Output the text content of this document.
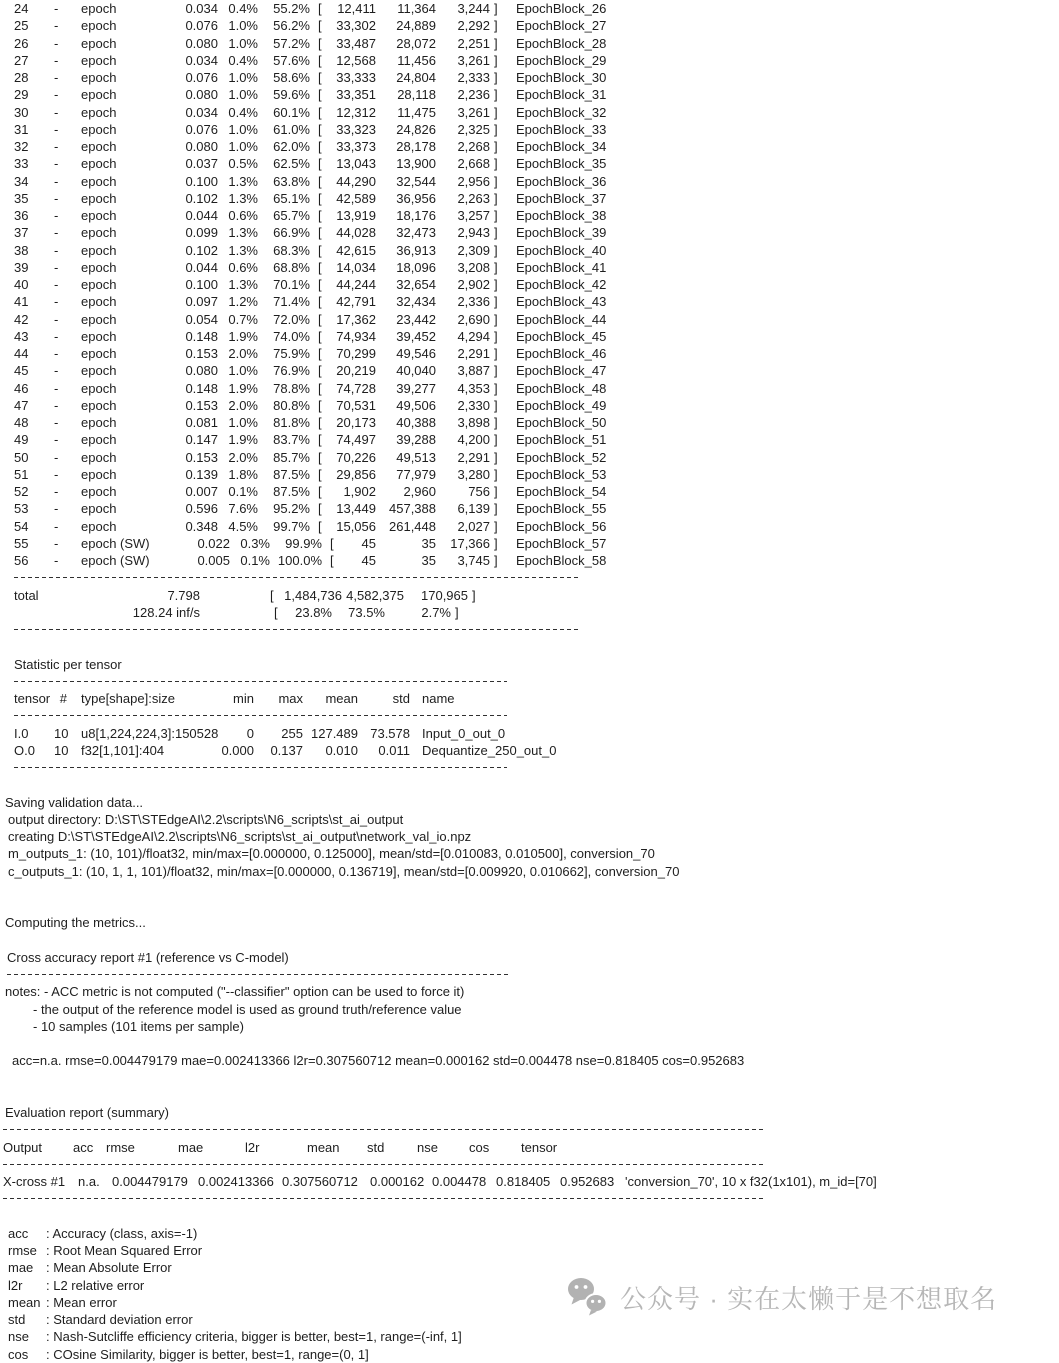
24	-	epoch	0.034 0.4%	55.2% [	12,411	11,364	3,244 ]	EpochBlock_26
25	-	epoch	0.076 1.0%	56.2% [	33,302	24,889	2,292 ]	EpochBlock_27
26	-	epoch	0.080 1.0%	57.2% [	33,487	28,072	2,251 ]	EpochBlock_28
27	-	epoch	0.034 0.4%	57.6% [	12,568	11,456	3,261 ]	EpochBlock_29
28	-	epoch	0.076 1.0%	58.6% [	33,333	24,804	2,333 ]	EpochBlock_30
29	-	epoch	0.080 1.0%	59.6% [	33,351	28,118	2,236 ]	EpochBlock_31
30	-	epoch	0.034 0.4%	60.1% [	12,312	11,475	3,261 ]	EpochBlock_32
31	-	epoch	0.076 1.0%	61.0% [	33,323	24,826	2,325 ]	EpochBlock_33
32	-	epoch	0.080 1.0%	62.0% [	33,373	28,178	2,268 ]	EpochBlock_34
33	-	epoch	0.037 0.5%	62.5% [	13,043	13,900	2,668 ]	EpochBlock_35
34	-	epoch	0.100 1.3%	63.8% [	44,290	32,544	2,956 ]	EpochBlock_36
35	-	epoch	0.102 1.3%	65.1% [	42,589	36,956	2,263 ]	EpochBlock_37
36	-	epoch	0.044 0.6%	65.7% [	13,919	18,176	3,257 ]	EpochBlock_38
37	-	epoch	0.099 1.3%	66.9% [	44,028	32,473	2,943 ]	EpochBlock_39
38	-	epoch	0.102 1.3%	68.3% [	42,615	36,913	2,309 ]	EpochBlock_40
39	-	epoch	0.044 0.6%	68.8% [	14,034	18,096	3,208 ]	EpochBlock_41
40	-	epoch	0.100 1.3%	70.1% [	44,244	32,654	2,902 ]	EpochBlock_42
41	-	epoch	0.097 1.2%	71.4% [	42,791	32,434	2,336 ]	EpochBlock_43
42	-	epoch	0.054 0.7%	72.0% [	17,362	23,442	2,690 ]	EpochBlock_44
43	-	epoch	0.148 1.9%	74.0% [	74,934	39,452	4,294 ]	EpochBlock_45
44	-	epoch	0.153 2.0%	75.9% [	70,299	49,546	2,291 ]	EpochBlock_46
45	-	epoch	0.080 1.0%	76.9% [	20,219	40,040	3,887 ]	EpochBlock_47
46	-	epoch	0.148 1.9%	78.8% [	74,728	39,277	4,353 ]	EpochBlock_48
47	-	epoch	0.153 2.0%	80.8% [	70,531	49,506	2,330 ]	EpochBlock_49
48	-	epoch	0.081 1.0%	81.8% [	20,173	40,388	3,898 ]	EpochBlock_50
49	-	epoch	0.147 1.9%	83.7% [	74,497	39,288	4,200 ]	EpochBlock_51
50	-	epoch	0.153 2.0%	85.7% [	70,226	49,513	2,291 ]	EpochBlock_52
51	-	epoch	0.139 1.8%	87.5% [	29,856	77,979	3,280 ]	EpochBlock_53
52	-	epoch	0.007 0.1%	87.5% [	1,902	2,960	756 ]	EpochBlock_54
53	-	epoch	0.596 7.6%	95.2% [	13,449	457,388	6,139 ]	EpochBlock_55
54	-	epoch	0.348 4.5%	99.7% [	15,056	261,448	2,027 ]	EpochBlock_56
55	-	epoch (SW)	0.022 0.3%	99.9% [	45	35	17,366 ]	EpochBlock_57
56	-	epoch (SW)	0.005 0.1% 100.0% [	45	35	3,745 ]	EpochBlock_58
total	7.798	[ 1,484,736 4,582,375	170,965 ]
128.24 inf/s	[	23.8%	73.5%	2.7% ]
Statistic per tensor
tensor #	type[shape]:size	min	max	mean	std name
I.0	10 u8[1,224,224,3]:150528	0	255 127.489 73.578 Input_0_out_0
O.0	10 f32[1,101]:404	0.000	0.137	0.010	0.011 Dequantize_250_out_0
Saving validation data...
output directory: D:\ST\STEdgeAI\2.2\scripts\N6_scripts\st_ai_output
creating D:\ST\STEdgeAI\2.2\scripts\N6_scripts\st_ai_output\network_val_io.npz
m_outputs_1: (10, 101)/float32, min/max=[0.000000, 0.125000], mean/std=[0.010083, 0.010500], conversion_70
c_outputs_1: (10, 1, 1, 101)/float32, min/max=[0.000000, 0.136719], mean/std=[0.009920, 0.010662], conversion_70
Computing the metrics...
Cross accuracy report #1 (reference vs C-model)
notes: - ACC metric is not computed ("--classifier" option can be used to force it)
- the output of the reference model is used as ground truth/reference value
- 10 samples (101 items per sample)
acc=n.a. rmse=0.004479179 mae=0.002413366 l2r=0.307560712 mean=0.000162 std=0.004478 nse=0.818405 cos=0.952683
Evaluation report (summary)
Output	acc rmse	mae	l2r	mean	std	nse	cos	tensor
X-cross #1 n.a. 0.004479179 0.002413366 0.307560712 0.000162 0.004478 0.818405 0.952683 'conversion_70', 10 x f32(1x101), m_id=[70]
acc : Accuracy (class, axis=-1)
rmse : Root Mean Squared Error
mae : Mean Absolute Error
l2r : L2 relative error
mean : Mean error
std : Standard deviation error
nse : Nash-Sutcliffe efficiency criteria, bigger is better, best=1, range=(-inf, 1]
cos : COsine Similarity, bigger is better, best=1, range=(0, 1]
公众号 · 实在太懒于是不想取名
